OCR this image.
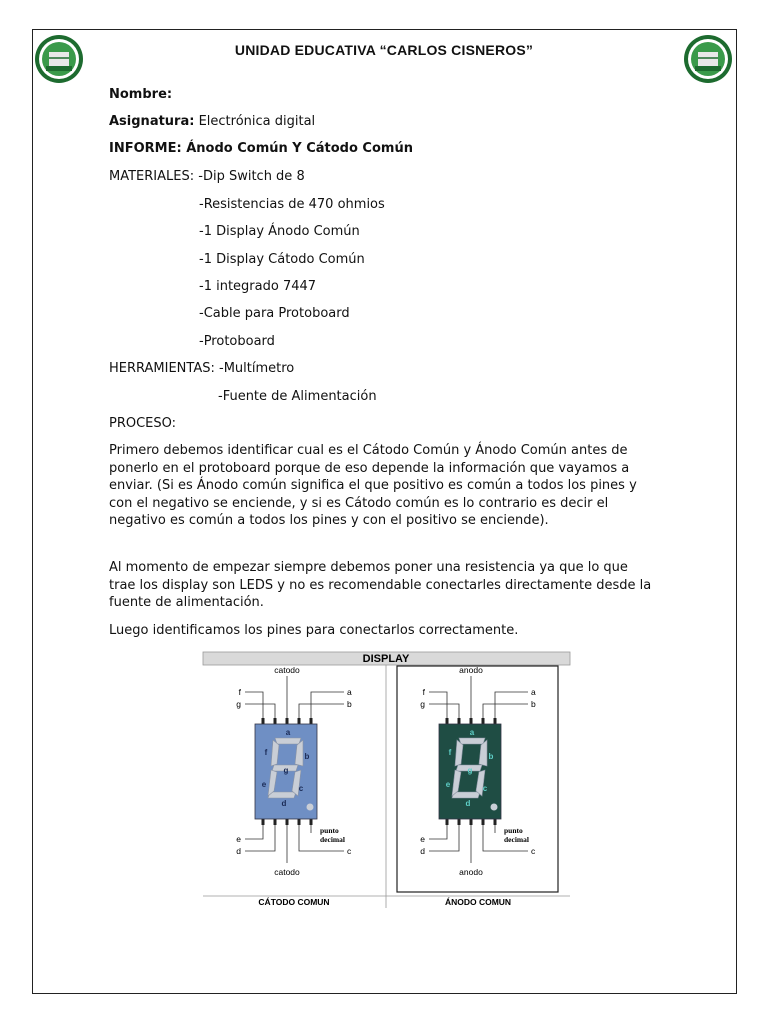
UNIDAD EDUCATIVA “CARLOS CISNEROS”
Nombre:
Asignatura: Electrónica digital
INFORME: Ánodo Común Y Cátodo Común
MATERIALES: -Dip Switch de 8
-Resistencias de 470 ohmios
-1 Display Ánodo Común
-1 Display Cátodo Común
-1 integrado 7447
-Cable para Protoboard
-Protoboard
HERRAMIENTAS: -Multímetro
-Fuente de Alimentación
PROCESO:
Primero debemos identificar cual es el Cátodo Común y Ánodo Común antes de ponerlo en el protoboard porque de eso depende la información que vayamos a enviar. (Si es Ánodo común significa el que positivo es común a todos los pines y con el negativo se enciende, y si es Cátodo común es lo contrario es decir el negativo es común a todos los pines y con el positivo se enciende).
Al momento de empezar siempre debemos poner una resistencia ya que lo que trae los display son LEDS y no es recomendable conectarles directamente desde la fuente de alimentación.
Luego identificamos los pines para conectarlos correctamente.
DISPLAY
CÁTODO COMUN	ÁNODO COMUN
catodo
f
g
a
b
catodo
e
d	c
punto
decimal
a
f	b
g
e	c
d
anodo
f
g
a
b
anodo
e
d	c
punto
decimal
a
f	b
g
e	c
d
